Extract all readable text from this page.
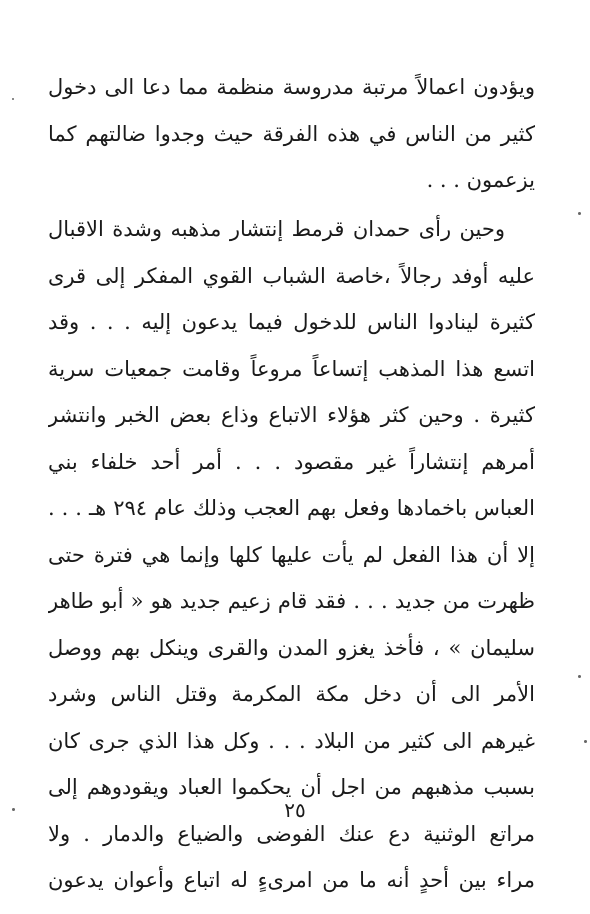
ويؤدون اعمالاً مرتبة مدروسة منظمة مما دعا الى دخول
كثير من الناس في هذه الفرقة حيث وجدوا ضالتهم كما
يزعمون . . .
وحين رأى حمدان قرمط إنتشار مذهبه وشدة الاقبال
عليه أوفد رجالاً ،خاصة الشباب القوي المفكر إلى قرى
كثيرة لينادوا الناس للدخول فيما يدعون إليه . . . وقد
اتسع هذا المذهب إتساعاً مروعاً وقامت جمعيات سرية
كثيرة . وحين كثر هؤلاء الاتباع وذاع بعض الخبر وانتشر
أمرهم إنتشاراً غير مقصود . . . أمر أحد خلفاء بني
العباس باخمادها وفعل بهم العجب وذلك عام ٢٩٤ هـ . . .
إلا أن هذا الفعل لم يأت عليها كلها وإنما هي فترة حتى
ظهرت من جديد . . . فقد قام زعيم جديد هو « أبو طاهر
سليمان » ، فأخذ يغزو المدن والقرى وينكل بهم ووصل
الأمر الى أن دخل مكة المكرمة وقتل الناس وشرد
غيرهم الى كثير من البلاد . . . وكل هذا الذي جرى كان
بسبب مذهبهم من اجل أن يحكموا العباد ويقودوهم إلى
مراتع الوثنية دع عنك الفوضى والضياع والدمار . ولا
مراء بين أحدٍ أنه ما من امرىءٍ له اتباع وأعوان يدعون
٢٥
